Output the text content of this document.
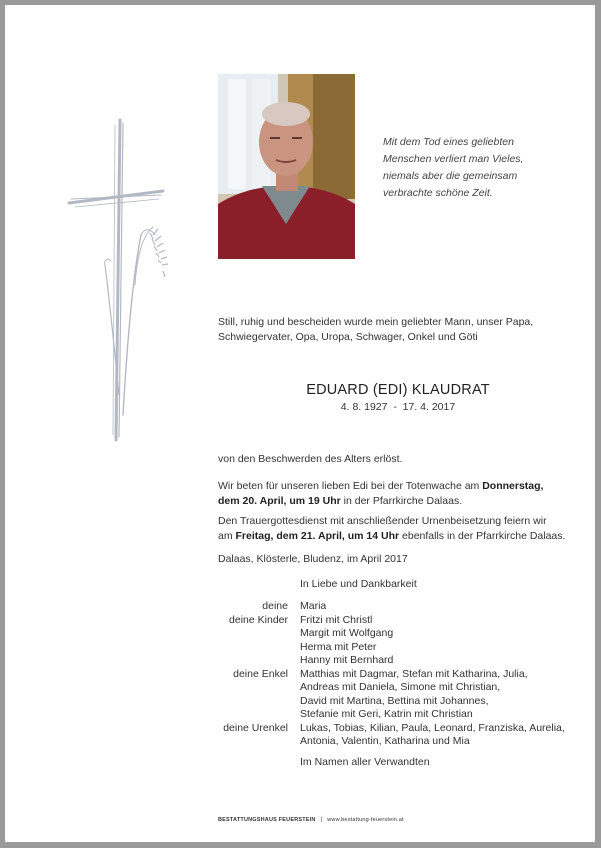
Mit dem Tod eines geliebten
Menschen verliert man Vieles,
niemals aber die gemeinsam
verbrachte schöne Zeit.
Still, ruhig und bescheiden wurde mein geliebter Mann, unser Papa,
Schwiegervater, Opa, Uropa, Schwager, Onkel und Göti
EDUARD (EDI) KLAUDRAT
4. 8. 1927  -  17. 4. 2017
von den Beschwerden des Alters erlöst.
Wir beten für unseren lieben Edi bei der Totenwache am Donnerstag,
dem 20. April, um 19 Uhr in der Pfarrkirche Dalaas.
Den Trauergottesdienst mit anschließender Urnenbeisetzung feiern wir
am Freitag, dem 21. April, um 14 Uhr ebenfalls in der Pfarrkirche Dalaas.
Dalaas, Klösterle, Bludenz, im April 2017
In Liebe und Dankbarkeit
deine	Maria
deine Kinder	Fritzi mit Christl
Margit mit Wolfgang
Herma mit Peter
Hanny mit Bernhard
deine Enkel	Matthias mit Dagmar, Stefan mit Katharina, Julia,
Andreas mit Daniela, Simone mit Christian,
David mit Martina, Bettina mit Johannes,
Stefanie mit Geri, Katrin mit Christian
deine Urenkel	Lukas, Tobias, Kilian, Paula, Leonard, Franziska, Aurelia,
Antonia, Valentin, Katharina und Mia
Im Namen aller Verwandten
BESTATTUNGSHAUS FEUERSTEIN | www.bestattung-feuerstein.at
